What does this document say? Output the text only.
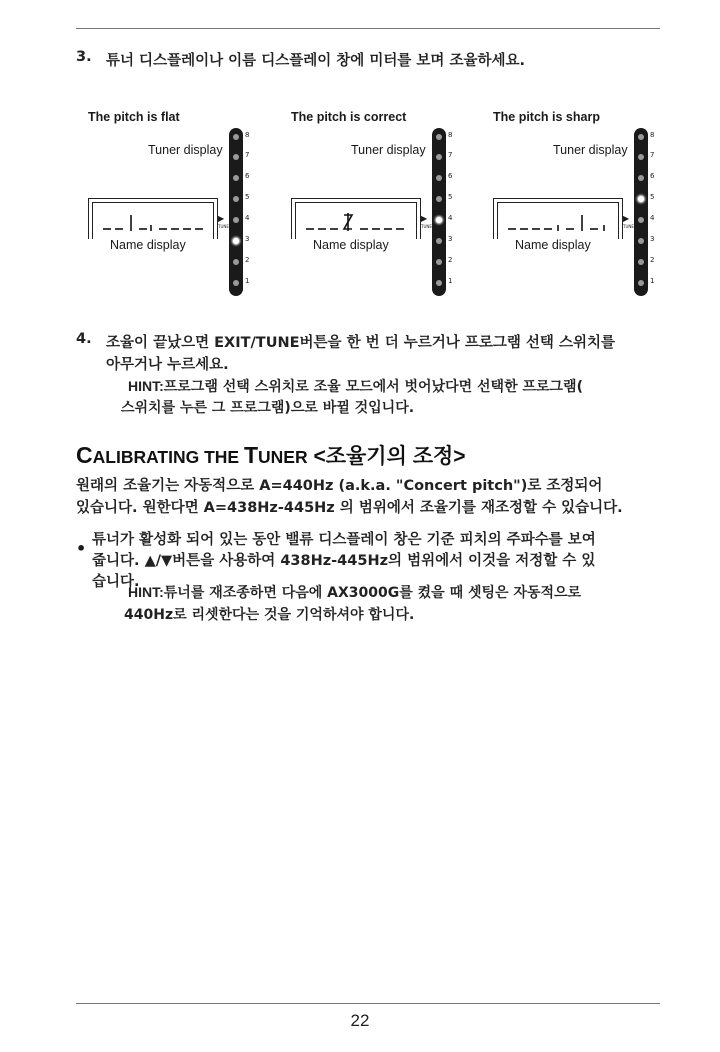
3. 튜너 디스플레이나 이름 디스플레이 창에 미터를 보며 조율하세요.
The pitch is flat
Tuner display
Name display
▶
TUNE
8
7
6
5
4
3
2
1
The pitch is correct
Tuner display
Name display
▶
TUNE
8
7
6
5
4
3
2
1
The pitch is sharp
Tuner display
Name display
▶
TUNE
8
7
6
5
4
3
2
1
4. 조율이 끝났으면 EXIT/TUNE버튼을 한 번 더 누르거나 프로그램 선택 스위치를
아무거나 누르세요.
HINT:프로그램 선택 스위치로 조율 모드에서 벗어났다면 선택한 프로그램(
스위치를 누른 그 프로그램)으로 바뀔 것입니다.
CALIBRATING THE TUNER <조율기의 조정>
원래의 조율기는 자동적으로 A=440Hz (a.k.a. "Concert pitch")로 조정되어
있습니다. 원한다면 A=438Hz-445Hz 의 범위에서 조율기를 재조정할 수 있습니다.
• 튜너가 활성화 되어 있는 동안 밸류 디스플레이 창은 기준 피치의 주파수를 보여
줍니다. ▲/▼버튼을 사용하여 438Hz-445Hz의 범위에서 이것을 저정할 수 있
습니다.
HINT:튜너를 재조종하면 다음에 AX3000G를 켰을 때 셋팅은 자동적으로
440Hz로 리셋한다는 것을 기억하셔야 합니다.
22
